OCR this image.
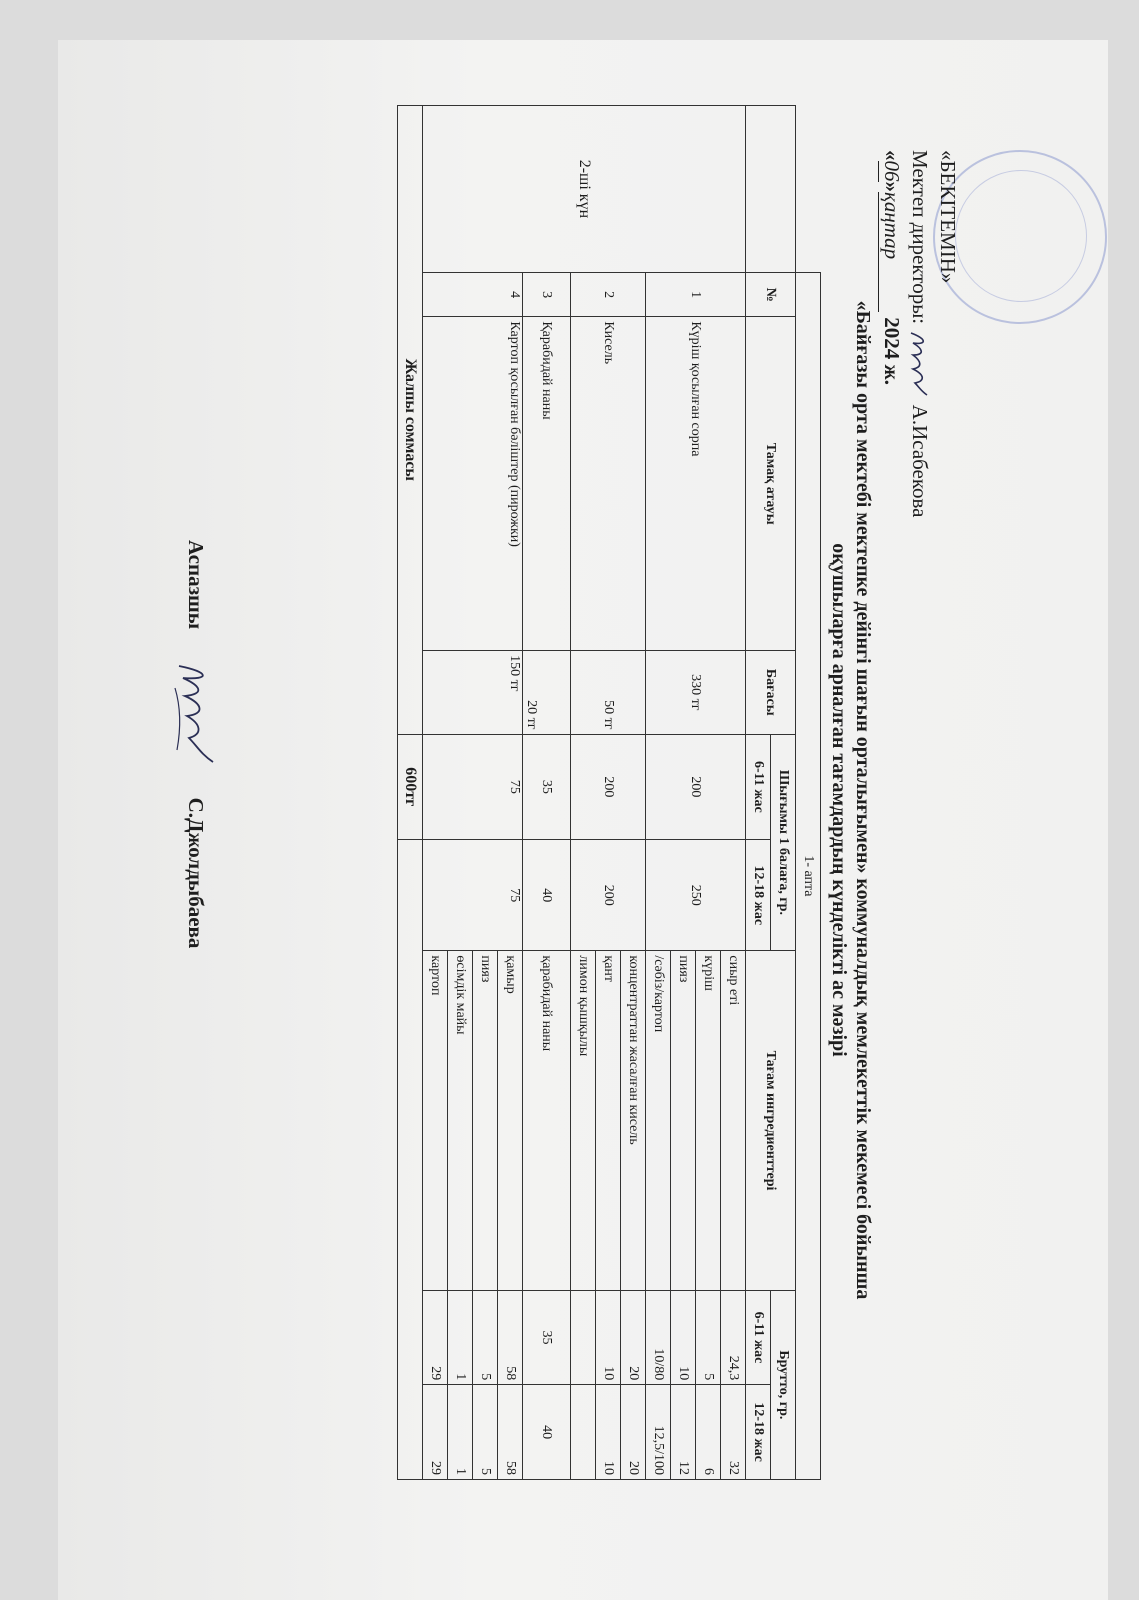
«БЕКІТЕМІН»
Мектеп директоры:  А.Исабекова
«06»қаңтар 2024 ж.
«Байғазы орта мектебі мектепке дейінгі шағын орталығымен» коммуналдық мемлекеттік мекемесі бойынша
оқушыларға арналған тағамдардың күнделікті ас мәзірі
	1- апта							
	№	Тамақ атауы	Бағасы	Шығымы 1 балаға, гр.		Тағам ингредиенттері	Брутто, гр.	
				6-11 жас	12-18 жас		6-11 жас	12-18 жас
2-ші күн	1	Күріш қосылған сорпа	330 тг	200	250	сиыр еті	24,3	32
						күріш	5	6
						пияз	10	12
						/сәбіз/картоп	10/80	12,5/100
	2	Кисель	50 тг	200	200	концентраттан жасалған кисель	20	20
						қант	10	10
						лимон қышқылы		
	3	Қарабидай наны	20 тг	35	40	қарабидай наны	35	40
	4	Картоп қосылған бәліштер (пирожки)	150 тг	75	75	қамыр	58	58
						пияз	5	5
						өсімдік майы	1	1
						картоп	29	29
Жалпы соммасы				600тг				
Аспазшы  С.Джолдыбаева
